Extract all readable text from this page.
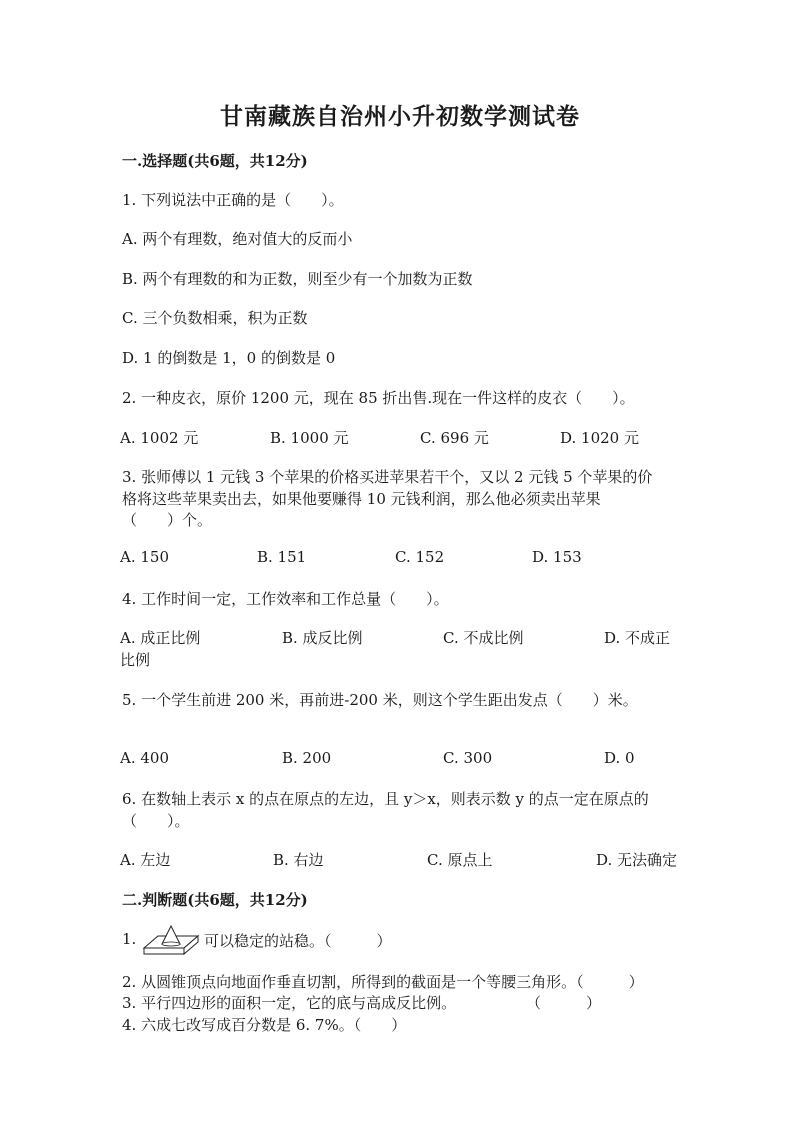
甘南藏族自治州小升初数学测试卷
一.选择题(共6题，共12分)
1. 下列说法中正确的是（　　）。
A. 两个有理数，绝对值大的反而小
B. 两个有理数的和为正数，则至少有一个加数为正数
C. 三个负数相乘，积为正数
D. 1 的倒数是 1，0 的倒数是 0
2. 一种皮衣，原价 1200 元，现在 85 折出售.现在一件这样的皮衣（　　）。
A. 1002 元	B. 1000 元	C. 696 元	D. 1020 元
3. 张师傅以 1 元钱 3 个苹果的价格买进苹果若干个，又以 2 元钱 5 个苹果的价
格将这些苹果卖出去，如果他要赚得 10 元钱利润，那么他必须卖出苹果
（　　）个。
A. 150	B. 151	C. 152	D. 153
4. 工作时间一定，工作效率和工作总量（　　）。
A. 成正比例	B. 成反比例	C. 不成比例	D. 不成正
比例
5. 一个学生前进 200 米，再前进-200 米，则这个学生距出发点（　　）米。
A. 400	B. 200	C. 300	D. 0
6. 在数轴上表示 x 的点在原点的左边，且 y＞x，则表示数 y 的点一定在原点的
（　　）。
A. 左边	B. 右边	C. 原点上	D. 无法确定
二.判断题(共6题，共12分)
1.	可以稳定的站稳。（　　　）
2. 从圆锥顶点向地面作垂直切割，所得到的截面是一个等腰三角形。（　　　）
3. 平行四边形的面积一定，它的底与高成反比例。	（　　　）
4. 六成七改写成百分数是 6. 7%。（　　）
